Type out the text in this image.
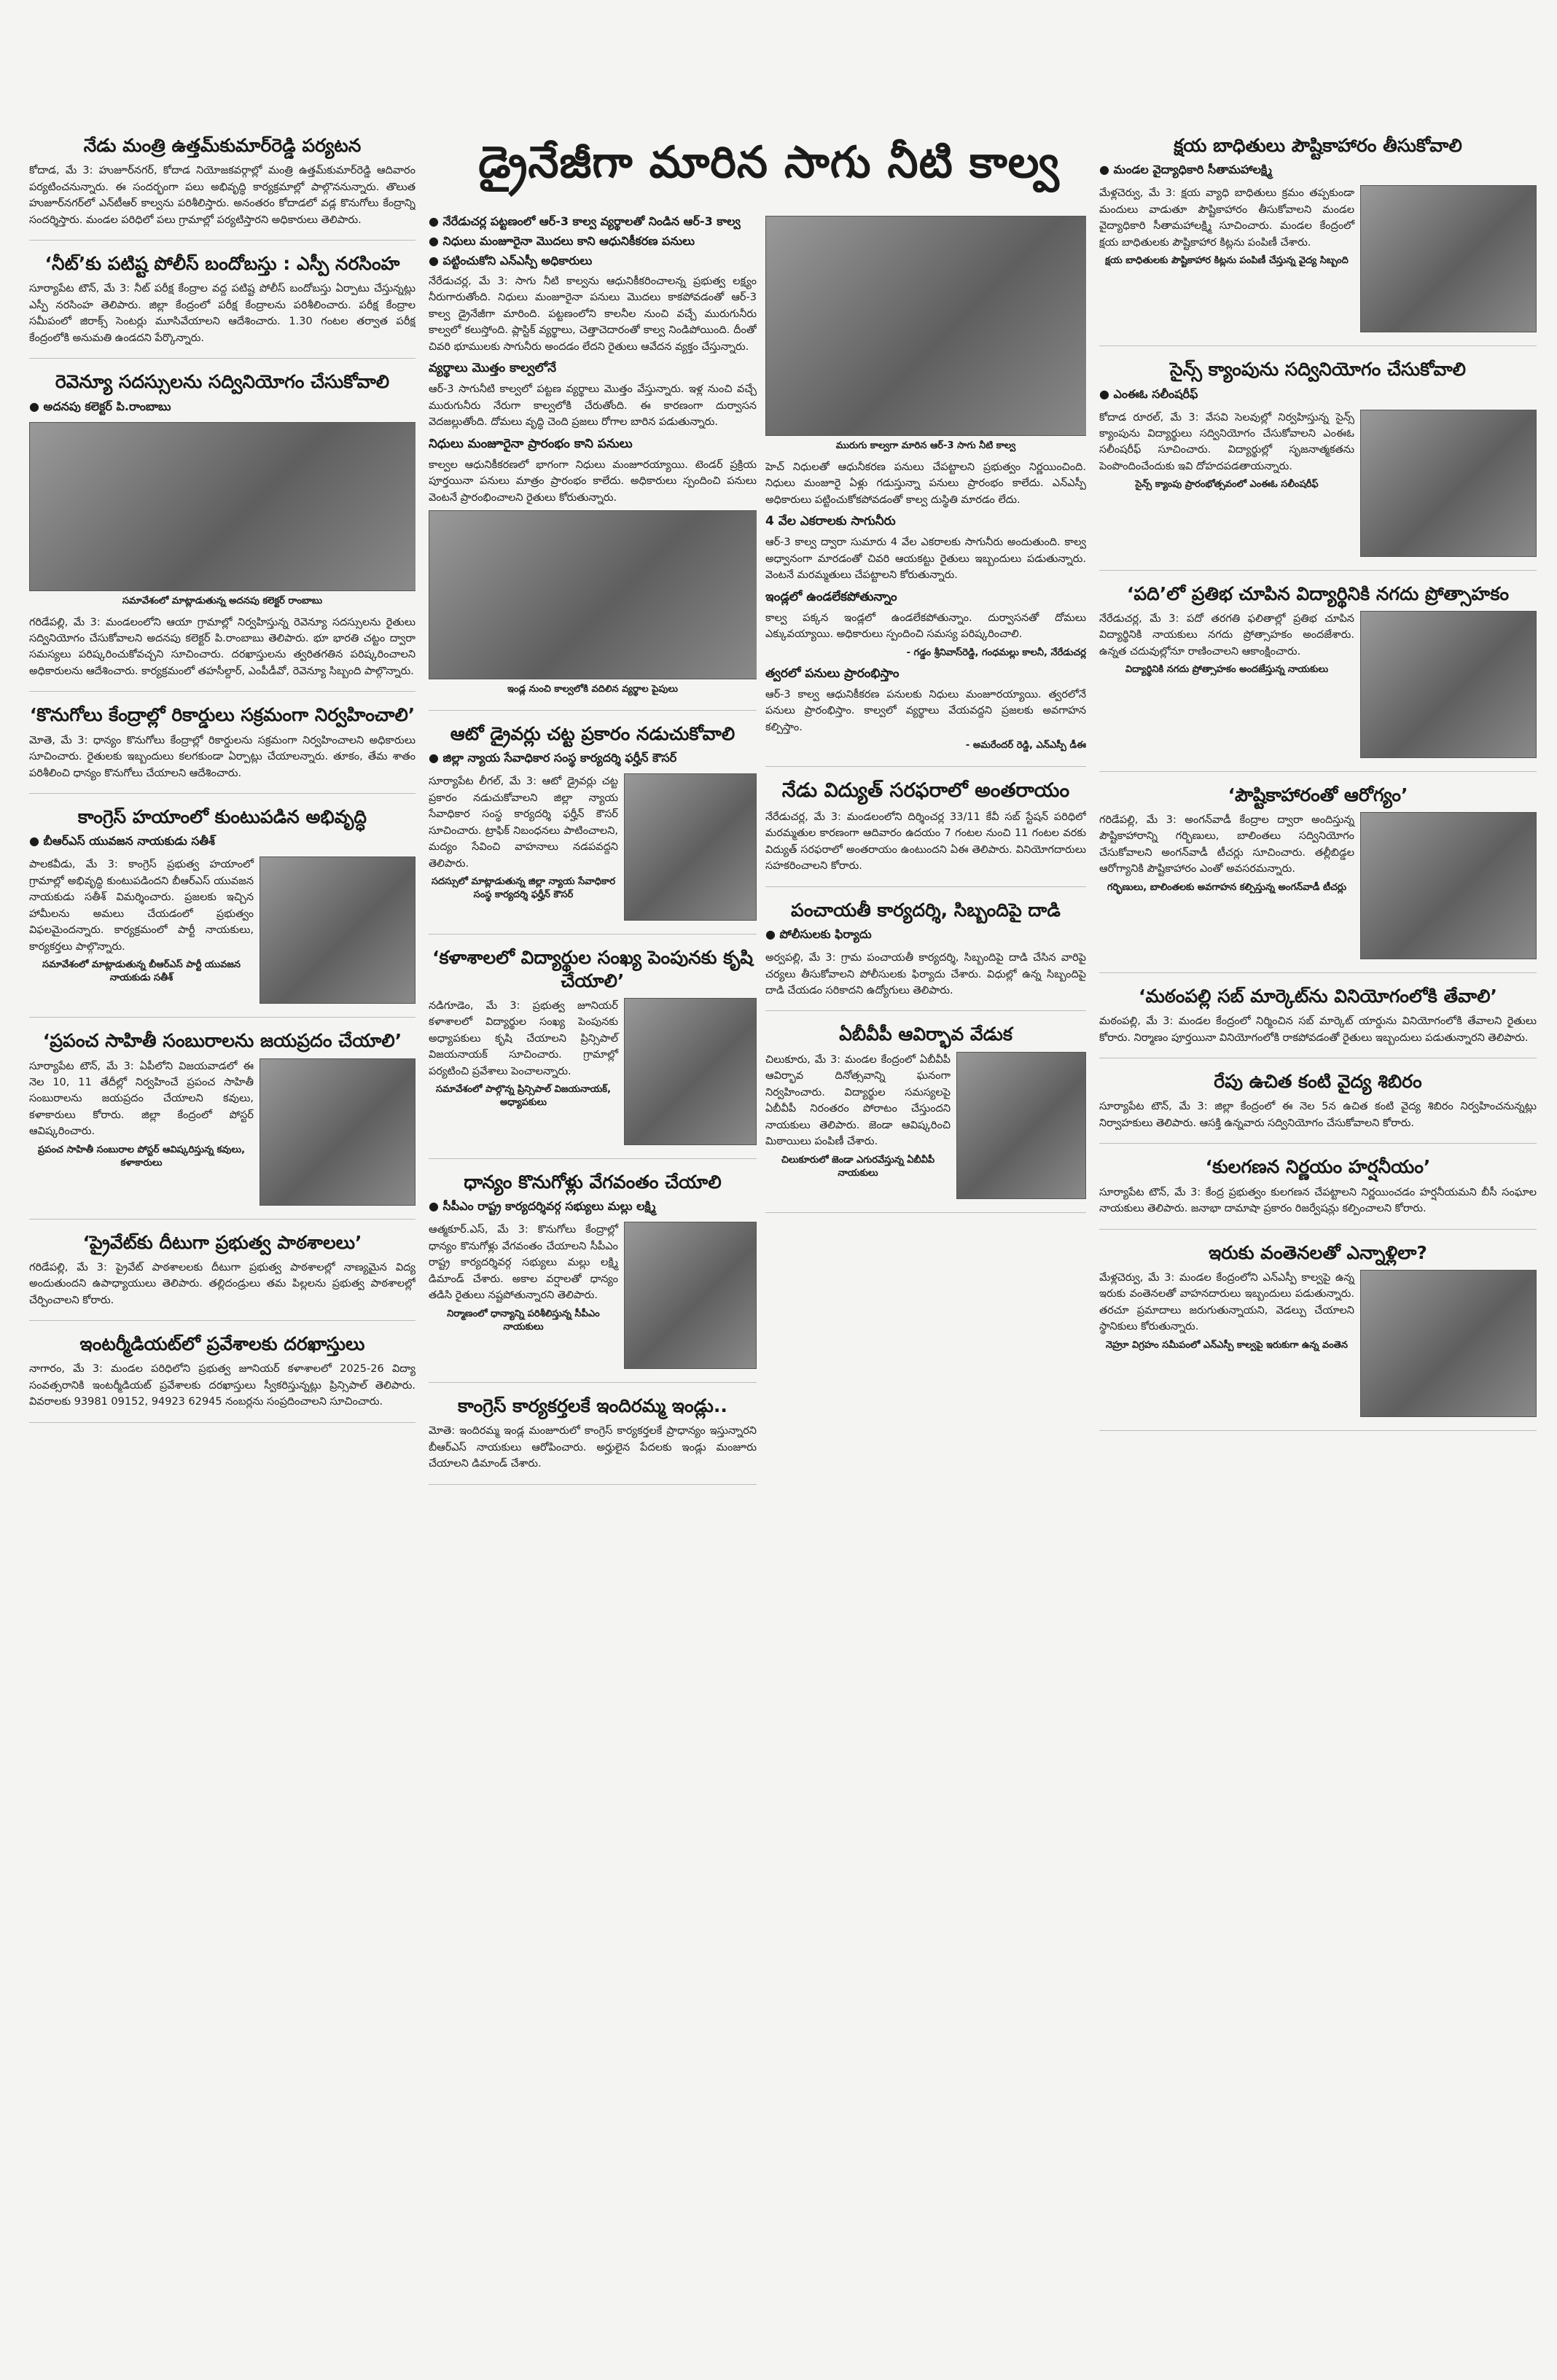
డ్రైనేజీగా మారిన సాగు నీటి కాల్వ
నేడు మంత్రి ఉత్తమ్‌కుమార్‌రెడ్డి పర్యటన

కోదాడ, మే 3: హుజూర్‌నగర్, కోదాడ నియోజకవర్గాల్లో మంత్రి ఉత్తమ్‌కుమార్‌రెడ్డి ఆదివారం పర్యటించనున్నారు. ఈ సందర్భంగా పలు అభివృద్ధి కార్యక్రమాల్లో పాల్గొననున్నారు. తొలుత హుజూర్‌నగర్‌లో ఎన్‌టీఆర్ కాల్వను పరిశీలిస్తారు. అనంతరం కోదాడలో వడ్ల కొనుగోలు కేంద్రాన్ని సందర్శిస్తారు. మండల పరిధిలో పలు గ్రామాల్లో పర్యటిస్తారని అధికారులు తెలిపారు.

‘నీట్’కు పటిష్ట పోలీస్ బందోబస్తు : ఎస్పీ నరసింహ

సూర్యాపేట టౌన్, మే 3: నీట్ పరీక్ష కేంద్రాల వద్ద పటిష్ట పోలీస్ బందోబస్తు ఏర్పాటు చేస్తున్నట్లు ఎస్పీ నరసింహ తెలిపారు. జిల్లా కేంద్రంలో పరీక్ష కేంద్రాలను పరిశీలించారు. పరీక్ష కేంద్రాల సమీపంలో జిరాక్స్ సెంటర్లు మూసివేయాలని ఆదేశించారు. 1.30 గంటల తర్వాత పరీక్ష కేంద్రంలోకి అనుమతి ఉండదని పేర్కొన్నారు.

రెవెన్యూ సదస్సులను సద్వినియోగం చేసుకోవాలి
● అదనపు కలెక్టర్ పి.రాంబాబు
సమావేశంలో మాట్లాడుతున్న అదనపు కలెక్టర్ రాంబాబు

గరిడేపల్లి, మే 3: మండలంలోని ఆయా గ్రామాల్లో నిర్వహిస్తున్న రెవెన్యూ సదస్సులను రైతులు సద్వినియోగం చేసుకోవాలని అదనపు కలెక్టర్ పి.రాంబాబు తెలిపారు. భూ భారతి చట్టం ద్వారా సమస్యలు పరిష్కరించుకోవచ్చని సూచించారు. దరఖాస్తులను త్వరితగతిన పరిష్కరించాలని అధికారులను ఆదేశించారు. కార్యక్రమంలో తహసీల్దార్, ఎంపీడీవో, రెవెన్యూ సిబ్బంది పాల్గొన్నారు.

‘కొనుగోలు కేంద్రాల్లో రికార్డులు సక్రమంగా నిర్వహించాలి’

మోతె, మే 3: ధాన్యం కొనుగోలు కేంద్రాల్లో రికార్డులను సక్రమంగా నిర్వహించాలని అధికారులు సూచించారు. రైతులకు ఇబ్బందులు కలగకుండా ఏర్పాట్లు చేయాలన్నారు. తూకం, తేమ శాతం పరిశీలించి ధాన్యం కొనుగోలు చేయాలని ఆదేశించారు.

కాంగ్రెస్ హయాంలో కుంటుపడిన అభివృద్ధి
● బీఆర్ఎస్ యువజన నాయకుడు సతీశ్

పాలకవీడు, మే 3: కాంగ్రెస్ ప్రభుత్వ హయాంలో గ్రామాల్లో అభివృద్ధి కుంటుపడిందని బీఆర్ఎస్ యువజన నాయకుడు సతీశ్ విమర్శించారు. ప్రజలకు ఇచ్చిన హామీలను అమలు చేయడంలో ప్రభుత్వం విఫలమైందన్నారు. కార్యక్రమంలో పార్టీ నాయకులు, కార్యకర్తలు పాల్గొన్నారు.

సమావేశంలో మాట్లాడుతున్న బీఆర్ఎస్ పార్టీ యువజన నాయకుడు సతీశ్
‘ప్రపంచ సాహితీ సంబురాలను జయప్రదం చేయాలి’

సూర్యాపేట టౌన్, మే 3: ఏపీలోని విజయవాడలో ఈ నెల 10, 11 తేదీల్లో నిర్వహించే ప్రపంచ సాహితీ సంబురాలను జయప్రదం చేయాలని కవులు, కళాకారులు కోరారు. జిల్లా కేంద్రంలో పోస్టర్ ఆవిష్కరించారు.

ప్రపంచ సాహితీ సంబురాల పోస్టర్ ఆవిష్కరిస్తున్న కవులు, కళాకారులు
‘ప్రైవేట్‌కు దీటుగా ప్రభుత్వ పాఠశాలలు’

గరిడేపల్లి, మే 3: ప్రైవేట్ పాఠశాలలకు దీటుగా ప్రభుత్వ పాఠశాలల్లో నాణ్యమైన విద్య అందుతుందని ఉపాధ్యాయులు తెలిపారు. తల్లిదండ్రులు తమ పిల్లలను ప్రభుత్వ పాఠశాలల్లో చేర్పించాలని కోరారు.

ఇంటర్మీడియట్‌లో ప్రవేశాలకు దరఖాస్తులు

నాగారం, మే 3: మండల పరిధిలోని ప్రభుత్వ జూనియర్ కళాశాలలో 2025-26 విద్యా సంవత్సరానికి ఇంటర్మీడియట్ ప్రవేశాలకు దరఖాస్తులు స్వీకరిస్తున్నట్లు ప్రిన్సిపాల్ తెలిపారు. వివరాలకు 93981 09152, 94923 62945 నంబర్లను సంప్రదించాలని సూచించారు.

● నేరేడుచర్ల పట్టణంలో ఆర్-3 కాల్వ వ్యర్థాలతో నిండిన ఆర్-3 కాల్వ
● నిధులు మంజూరైనా మొదలు కాని ఆధునికీకరణ పనులు
● పట్టించుకోని ఎన్ఎస్పీ అధికారులు

నేరేడుచర్ల, మే 3: సాగు నీటి కాల్వను ఆధునికీకరించాలన్న ప్రభుత్వ లక్ష్యం నీరుగారుతోంది. నిధులు మంజూరైనా పనులు మొదలు కాకపోవడంతో ఆర్-3 కాల్వ డ్రైనేజీగా మారింది. పట్టణంలోని కాలనీల నుంచి వచ్చే మురుగునీరు కాల్వలో కలుస్తోంది. ప్లాస్టిక్ వ్యర్థాలు, చెత్తాచెదారంతో కాల్వ నిండిపోయింది. దీంతో చివరి భూములకు సాగునీరు అందడం లేదని రైతులు ఆవేదన వ్యక్తం చేస్తున్నారు.

వ్యర్థాలు మొత్తం కాల్వలోనే

ఆర్-3 సాగునీటి కాల్వలో పట్టణ వ్యర్థాలు మొత్తం వేస్తున్నారు. ఇళ్ల నుంచి వచ్చే మురుగునీరు నేరుగా కాల్వలోకి చేరుతోంది. ఈ కారణంగా దుర్వాసన వెదజల్లుతోంది. దోమలు వృద్ధి చెంది ప్రజలు రోగాల బారిన పడుతున్నారు.

నిధులు మంజూరైనా ప్రారంభం కాని పనులు

కాల్వల ఆధునికీకరణలో భాగంగా నిధులు మంజూరయ్యాయి. టెండర్ ప్రక్రియ పూర్తయినా పనులు మాత్రం ప్రారంభం కాలేదు. అధికారులు స్పందించి పనులు వెంటనే ప్రారంభించాలని రైతులు కోరుతున్నారు.

ఇండ్ల నుంచి కాల్వలోకి వదిలిన వ్యర్థాల పైపులు
ఆటో డ్రైవర్లు చట్ట ప్రకారం నడుచుకోవాలి
● జిల్లా న్యాయ సేవాధికార సంస్థ కార్యదర్శి ఫర్హీన్ కౌసర్

సూర్యాపేట లీగల్, మే 3: ఆటో డ్రైవర్లు చట్ట ప్రకారం నడుచుకోవాలని జిల్లా న్యాయ సేవాధికార సంస్థ కార్యదర్శి ఫర్హీన్ కౌసర్ సూచించారు. ట్రాఫిక్ నిబంధనలు పాటించాలని, మద్యం సేవించి వాహనాలు నడపవద్దని తెలిపారు.

సదస్సులో మాట్లాడుతున్న జిల్లా న్యాయ సేవాధికార సంస్థ కార్యదర్శి ఫర్హీన్ కౌసర్
‘కళాశాలలో విద్యార్థుల సంఖ్య పెంపునకు కృషి చేయాలి’

నడిగూడెం, మే 3: ప్రభుత్వ జూనియర్ కళాశాలలో విద్యార్థుల సంఖ్య పెంపునకు అధ్యాపకులు కృషి చేయాలని ప్రిన్సిపాల్ విజయనాయక్ సూచించారు. గ్రామాల్లో పర్యటించి ప్రవేశాలు పెంచాలన్నారు.

సమావేశంలో పాల్గొన్న ప్రిన్సిపాల్ విజయనాయక్, అధ్యాపకులు
ధాన్యం కొనుగోళ్లు వేగవంతం చేయాలి
● సీపీఎం రాష్ట్ర కార్యదర్శివర్గ సభ్యులు మల్లు లక్ష్మి

ఆత్మకూర్.ఎస్, మే 3: కొనుగోలు కేంద్రాల్లో ధాన్యం కొనుగోళ్లు వేగవంతం చేయాలని సీపీఎం రాష్ట్ర కార్యదర్శివర్గ సభ్యులు మల్లు లక్ష్మి డిమాండ్ చేశారు. అకాల వర్షాలతో ధాన్యం తడిసి రైతులు నష్టపోతున్నారని తెలిపారు.

నిర్మాణంలో ధాన్యాన్ని పరిశీలిస్తున్న సీపీఎం నాయకులు
కాంగ్రెస్ కార్యకర్తలకే ఇందిరమ్మ ఇండ్లు..

మోతె: ఇందిరమ్మ ఇండ్ల మంజూరులో కాంగ్రెస్ కార్యకర్తలకే ప్రాధాన్యం ఇస్తున్నారని బీఆర్ఎస్ నాయకులు ఆరోపించారు. అర్హులైన పేదలకు ఇండ్లు మంజూరు చేయాలని డిమాండ్ చేశారు.

మురుగు కాల్వగా మారిన ఆర్-3 సాగు నీటి కాల్వ

హెచ్ నిధులతో ఆధునీకరణ పనులు చేపట్టాలని ప్రభుత్వం నిర్ణయించింది. నిధులు మంజూరై ఏళ్లు గడుస్తున్నా పనులు ప్రారంభం కాలేదు. ఎన్ఎస్పీ అధికారులు పట్టించుకోకపోవడంతో కాల్వ దుస్థితి మారడం లేదు.

4 వేల ఎకరాలకు సాగునీరు

ఆర్-3 కాల్వ ద్వారా సుమారు 4 వేల ఎకరాలకు సాగునీరు అందుతుంది. కాల్వ అధ్వానంగా మారడంతో చివరి ఆయకట్టు రైతులు ఇబ్బందులు పడుతున్నారు. వెంటనే మరమ్మతులు చేపట్టాలని కోరుతున్నారు.

ఇండ్లలో ఉండలేకపోతున్నాం

కాల్వ పక్కన ఇండ్లలో ఉండలేకపోతున్నాం. దుర్వాసనతో దోమలు ఎక్కువయ్యాయి. అధికారులు స్పందించి సమస్య పరిష్కరించాలి.

- గడ్డం శ్రీనివాస్‌రెడ్డి, గంధమల్లు కాలనీ, నేరేడుచర్ల
త్వరలో పనులు ప్రారంభిస్తాం

ఆర్-3 కాల్వ ఆధునికీకరణ పనులకు నిధులు మంజూరయ్యాయి. త్వరలోనే పనులు ప్రారంభిస్తాం. కాల్వలో వ్యర్థాలు వేయవద్దని ప్రజలకు అవగాహన కల్పిస్తాం.

- అమరేందర్ రెడ్డి, ఎన్ఎస్పీ డీఈ
నేడు విద్యుత్ సరఫరాలో అంతరాయం

నేరేడుచర్ల, మే 3: మండలంలోని దిర్శించర్ల 33/11 కేవీ సబ్ స్టేషన్ పరిధిలో మరమ్మతుల కారణంగా ఆదివారం ఉదయం 7 గంటల నుంచి 11 గంటల వరకు విద్యుత్ సరఫరాలో అంతరాయం ఉంటుందని ఏఈ తెలిపారు. వినియోగదారులు సహకరించాలని కోరారు.

పంచాయతీ కార్యదర్శి, సిబ్బందిపై దాడి
● పోలీసులకు ఫిర్యాదు

అర్వపల్లి, మే 3: గ్రామ పంచాయతీ కార్యదర్శి, సిబ్బందిపై దాడి చేసిన వారిపై చర్యలు తీసుకోవాలని పోలీసులకు ఫిర్యాదు చేశారు. విధుల్లో ఉన్న సిబ్బందిపై దాడి చేయడం సరికాదని ఉద్యోగులు తెలిపారు.

ఏబీవీపీ ఆవిర్భావ వేడుక

చిలుకూరు, మే 3: మండల కేంద్రంలో ఏబీవీపీ ఆవిర్భావ దినోత్సవాన్ని ఘనంగా నిర్వహించారు. విద్యార్థుల సమస్యలపై ఏబీవీపీ నిరంతరం పోరాటం చేస్తుందని నాయకులు తెలిపారు. జెండా ఆవిష్కరించి మిఠాయిలు పంపిణీ చేశారు.

చిలుకూరులో జెండా ఎగురవేస్తున్న ఏబీవీపీ నాయకులు
క్షయ బాధితులు పౌష్టికాహారం తీసుకోవాలి
● మండల వైద్యాధికారి సీతామహాలక్ష్మి

మేళ్లచెర్వు, మే 3: క్షయ వ్యాధి బాధితులు క్రమం తప్పకుండా మందులు వాడుతూ పౌష్టికాహారం తీసుకోవాలని మండల వైద్యాధికారి సీతామహాలక్ష్మి సూచించారు. మండల కేంద్రంలో క్షయ బాధితులకు పౌష్టికాహార కిట్లను పంపిణీ చేశారు.

క్షయ బాధితులకు పౌష్టికాహార కిట్లను పంపిణీ చేస్తున్న వైద్య సిబ్బంది
సైన్స్ క్యాంపును సద్వినియోగం చేసుకోవాలి
● ఎంఈఓ సలీంషరీఫ్

కోదాడ రూరల్, మే 3: వేసవి సెలవుల్లో నిర్వహిస్తున్న సైన్స్ క్యాంపును విద్యార్థులు సద్వినియోగం చేసుకోవాలని ఎంఈఓ సలీంషరీఫ్ సూచించారు. విద్యార్థుల్లో సృజనాత్మకతను పెంపొందించేందుకు ఇవి దోహదపడతాయన్నారు.

సైన్స్ క్యాంపు ప్రారంభోత్సవంలో ఎంఈఓ సలీంషరీఫ్
‘పది’లో ప్రతిభ చూపిన విద్యార్థినికి నగదు ప్రోత్సాహకం

నేరేడుచర్ల, మే 3: పదో తరగతి ఫలితాల్లో ప్రతిభ చూపిన విద్యార్థినికి నాయకులు నగదు ప్రోత్సాహకం అందజేశారు. ఉన్నత చదువుల్లోనూ రాణించాలని ఆకాంక్షించారు.

విద్యార్థినికి నగదు ప్రోత్సాహకం అందజేస్తున్న నాయకులు
‘పౌష్టికాహారంతో ఆరోగ్యం’

గరిడేపల్లి, మే 3: అంగన్‌వాడీ కేంద్రాల ద్వారా అందిస్తున్న పౌష్టికాహారాన్ని గర్భిణులు, బాలింతలు సద్వినియోగం చేసుకోవాలని అంగన్‌వాడీ టీచర్లు సూచించారు. తల్లీబిడ్డల ఆరోగ్యానికి పౌష్టికాహారం ఎంతో అవసరమన్నారు.

గర్భిణులు, బాలింతలకు అవగాహన కల్పిస్తున్న అంగన్‌వాడీ టీచర్లు
‘మఠంపల్లి సబ్ మార్కెట్‌ను వినియోగంలోకి తేవాలి’

మఠంపల్లి, మే 3: మండల కేంద్రంలో నిర్మించిన సబ్ మార్కెట్ యార్డును వినియోగంలోకి తేవాలని రైతులు కోరారు. నిర్మాణం పూర్తయినా వినియోగంలోకి రాకపోవడంతో రైతులు ఇబ్బందులు పడుతున్నారని తెలిపారు.

రేపు ఉచిత కంటి వైద్య శిబిరం

సూర్యాపేట టౌన్, మే 3: జిల్లా కేంద్రంలో ఈ నెల 5న ఉచిత కంటి వైద్య శిబిరం నిర్వహించనున్నట్లు నిర్వాహకులు తెలిపారు. ఆసక్తి ఉన్నవారు సద్వినియోగం చేసుకోవాలని కోరారు.

‘కులగణన నిర్ణయం హర్షనీయం’

సూర్యాపేట టౌన్, మే 3: కేంద్ర ప్రభుత్వం కులగణన చేపట్టాలని నిర్ణయించడం హర్షనీయమని బీసీ సంఘాల నాయకులు తెలిపారు. జనాభా దామాషా ప్రకారం రిజర్వేషన్లు కల్పించాలని కోరారు.

ఇరుకు వంతెనలతో ఎన్నాళ్లిలా?

మేళ్లచెర్వు, మే 3: మండల కేంద్రంలోని ఎన్ఎస్పీ కాల్వపై ఉన్న ఇరుకు వంతెనలతో వాహనదారులు ఇబ్బందులు పడుతున్నారు. తరచూ ప్రమాదాలు జరుగుతున్నాయని, వెడల్పు చేయాలని స్థానికులు కోరుతున్నారు.

నెహ్రూ విగ్రహం సమీపంలో ఎన్ఎస్పీ కాల్వపై ఇరుకుగా ఉన్న వంతెన
